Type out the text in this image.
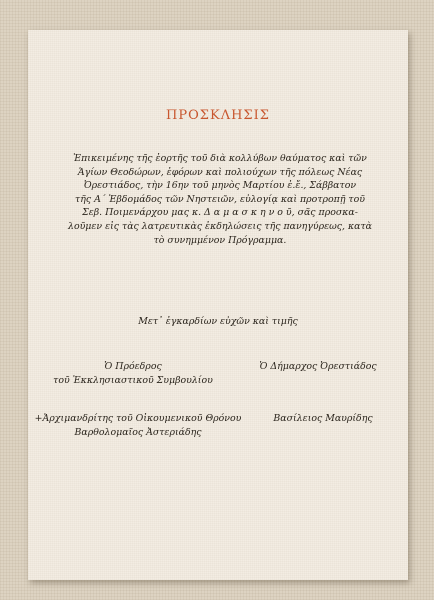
ΠΡΟΣΚΛΗΣΙΣ

Ἐπικειμένης τῆς ἑορτῆς τοῦ διὰ κολλύβων θαύματος καὶ τῶν
Ἁγίων Θεοδώρων, ἐφόρων καὶ πολιούχων τῆς πόλεως Νέας
Ὀρεστιάδος, τὴν 16ην τοῦ μηνὸς Μαρτίου ἐ.ἔ., Σάββατον
τῆς Α´ Ἑβδομάδος τῶν Νηστειῶν, εὐλογίᾳ καὶ προτροπῇ τοῦ
Σεβ. Ποιμενάρχου μας κ. Δ α μ α σ κ η ν ο ῦ, σᾶς προσκα-
λοῦμεν εἰς τὰς λατρευτικὰς ἐκδηλώσεις τῆς πανηγύρεως, κατὰ
τὸ συνημμένον Πρόγραμμα.

Μετ᾽ ἐγκαρδίων εὐχῶν καὶ τιμῆς
Ὁ Πρόεδρος
τοῦ Ἐκκλησιαστικοῦ Συμβουλίου
Ὁ Δήμαρχος Ὀρεστιάδος
+Ἀρχιμανδρίτης τοῦ Οἰκουμενικοῦ Θρόνου
Βαρθολομαῖος Ἀστεριάδης
Βασίλειος Μαυρίδης
